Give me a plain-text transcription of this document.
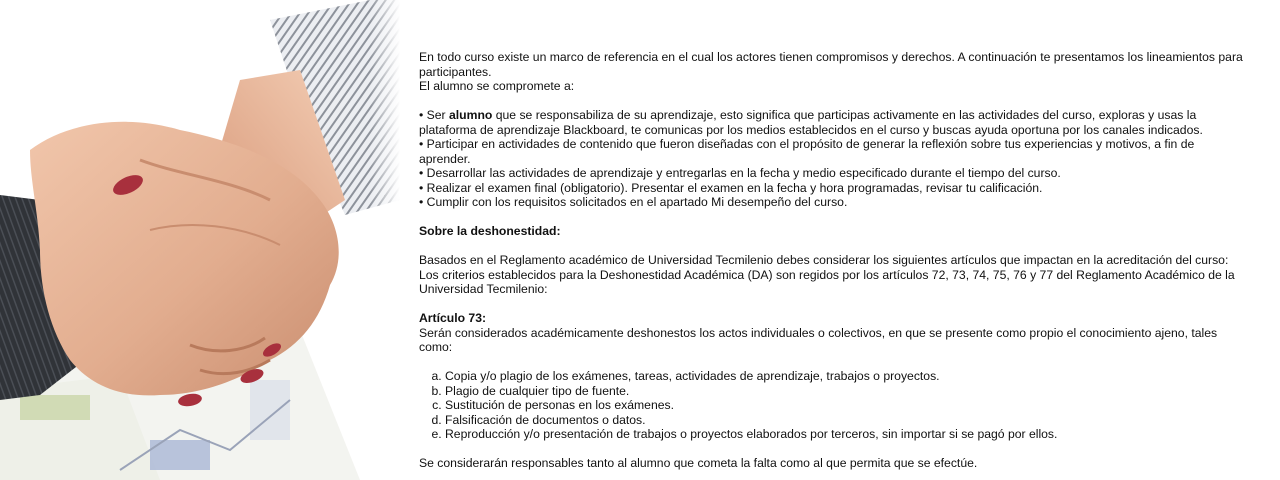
En todo curso existe un marco de referencia en el cual los actores tienen compromisos y derechos. A continuación te presentamos los lineamientos para participantes.

El alumno se compromete a:

• Ser alumno que se responsabiliza de su aprendizaje, esto significa que participas activamente en las actividades del curso, exploras y usas la plataforma de aprendizaje Blackboard, te comunicas por los medios establecidos en el curso y buscas ayuda oportuna por los canales indicados.

• Participar en actividades de contenido que fueron diseñadas con el propósito de generar la reflexión sobre tus experiencias y motivos, a fin de aprender.

• Desarrollar las actividades de aprendizaje y entregarlas en la fecha y medio especificado durante el tiempo del curso.

• Realizar el examen final (obligatorio). Presentar el examen en la fecha y hora programadas, revisar tu calificación.

• Cumplir con los requisitos solicitados en el apartado Mi desempeño del curso.

Sobre la deshonestidad:

Basados en el Reglamento académico de Universidad Tecmilenio debes considerar los siguientes artículos que impactan en la acreditación del curso:

Los criterios establecidos para la Deshonestidad Académica (DA) son regidos por los artículos 72, 73, 74, 75, 76 y 77 del Reglamento Académico de la Universidad Tecmilenio:

Artículo 73:

Serán considerados académicamente deshonestos los actos individuales o colectivos, en que se presente como propio el conocimiento ajeno, tales como:

a. Copia y/o plagio de los exámenes, tareas, actividades de aprendizaje, trabajos o proyectos.
b. Plagio de cualquier tipo de fuente.
c. Sustitución de personas en los exámenes.
d. Falsificación de documentos o datos.
e. Reproducción y/o presentación de trabajos o proyectos elaborados por terceros, sin importar si se pagó por ellos.

Se considerarán responsables tanto al alumno que cometa la falta como al que permita que se efectúe.
